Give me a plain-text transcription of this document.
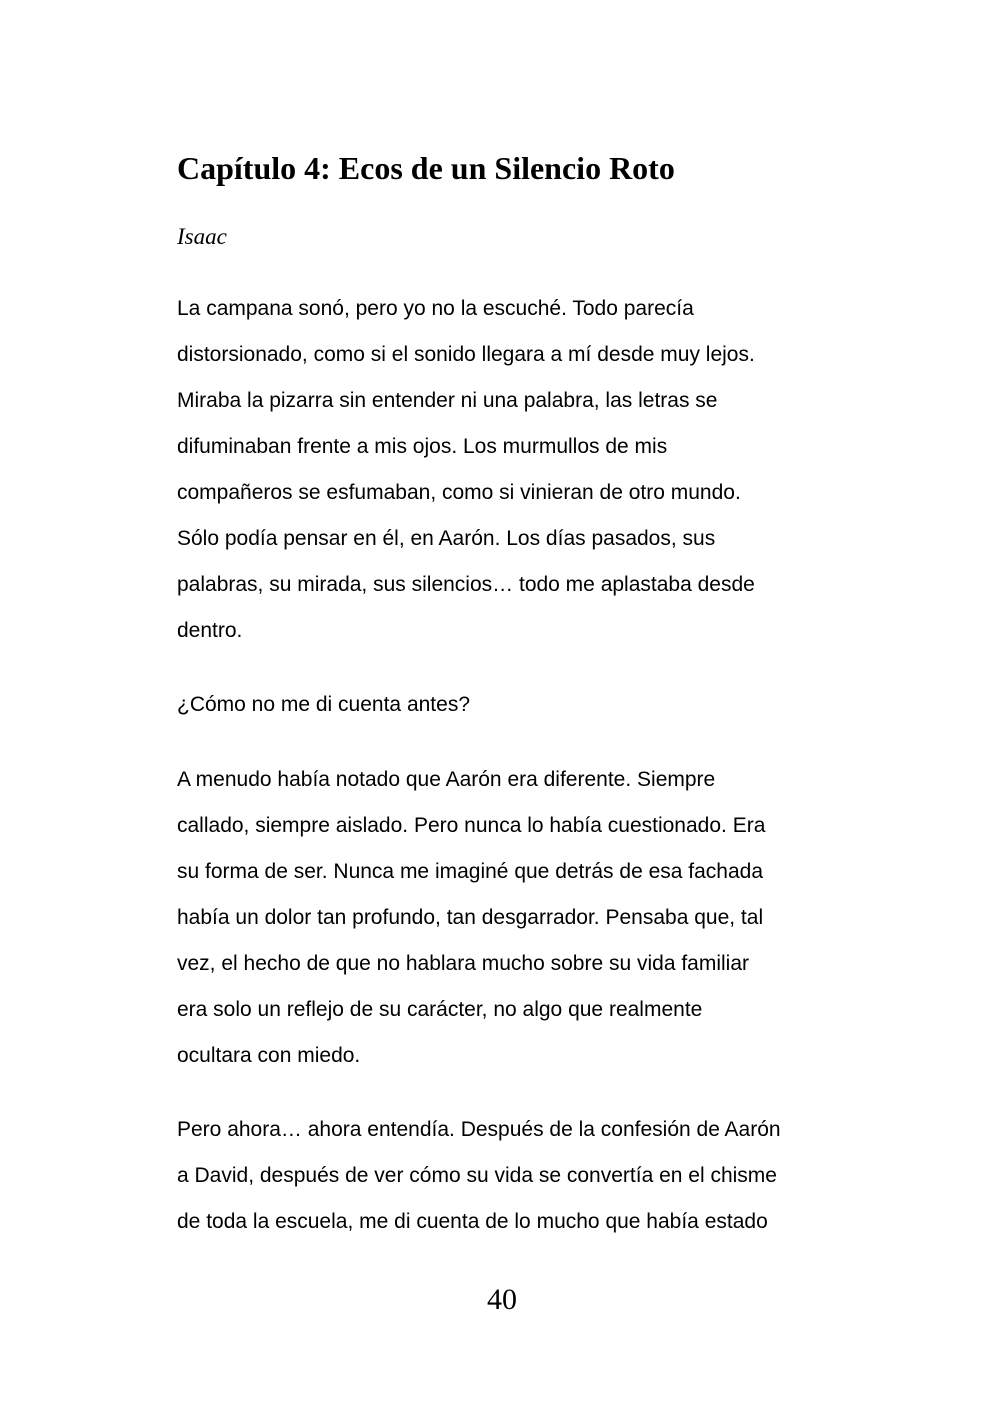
Capítulo 4: Ecos de un Silencio Roto
Isaac
La campana sonó, pero yo no la escuché. Todo parecía
distorsionado, como si el sonido llegara a mí desde muy lejos.
Miraba la pizarra sin entender ni una palabra, las letras se
difuminaban frente a mis ojos. Los murmullos de mis
compañeros se esfumaban, como si vinieran de otro mundo.
Sólo podía pensar en él, en Aarón. Los días pasados, sus
palabras, su mirada, sus silencios… todo me aplastaba desde
dentro.
¿Cómo no me di cuenta antes?
A menudo había notado que Aarón era diferente. Siempre
callado, siempre aislado. Pero nunca lo había cuestionado. Era
su forma de ser. Nunca me imaginé que detrás de esa fachada
había un dolor tan profundo, tan desgarrador. Pensaba que, tal
vez, el hecho de que no hablara mucho sobre su vida familiar
era solo un reflejo de su carácter, no algo que realmente
ocultara con miedo.
Pero ahora… ahora entendía. Después de la confesión de Aarón
a David, después de ver cómo su vida se convertía en el chisme
de toda la escuela, me di cuenta de lo mucho que había estado
40
